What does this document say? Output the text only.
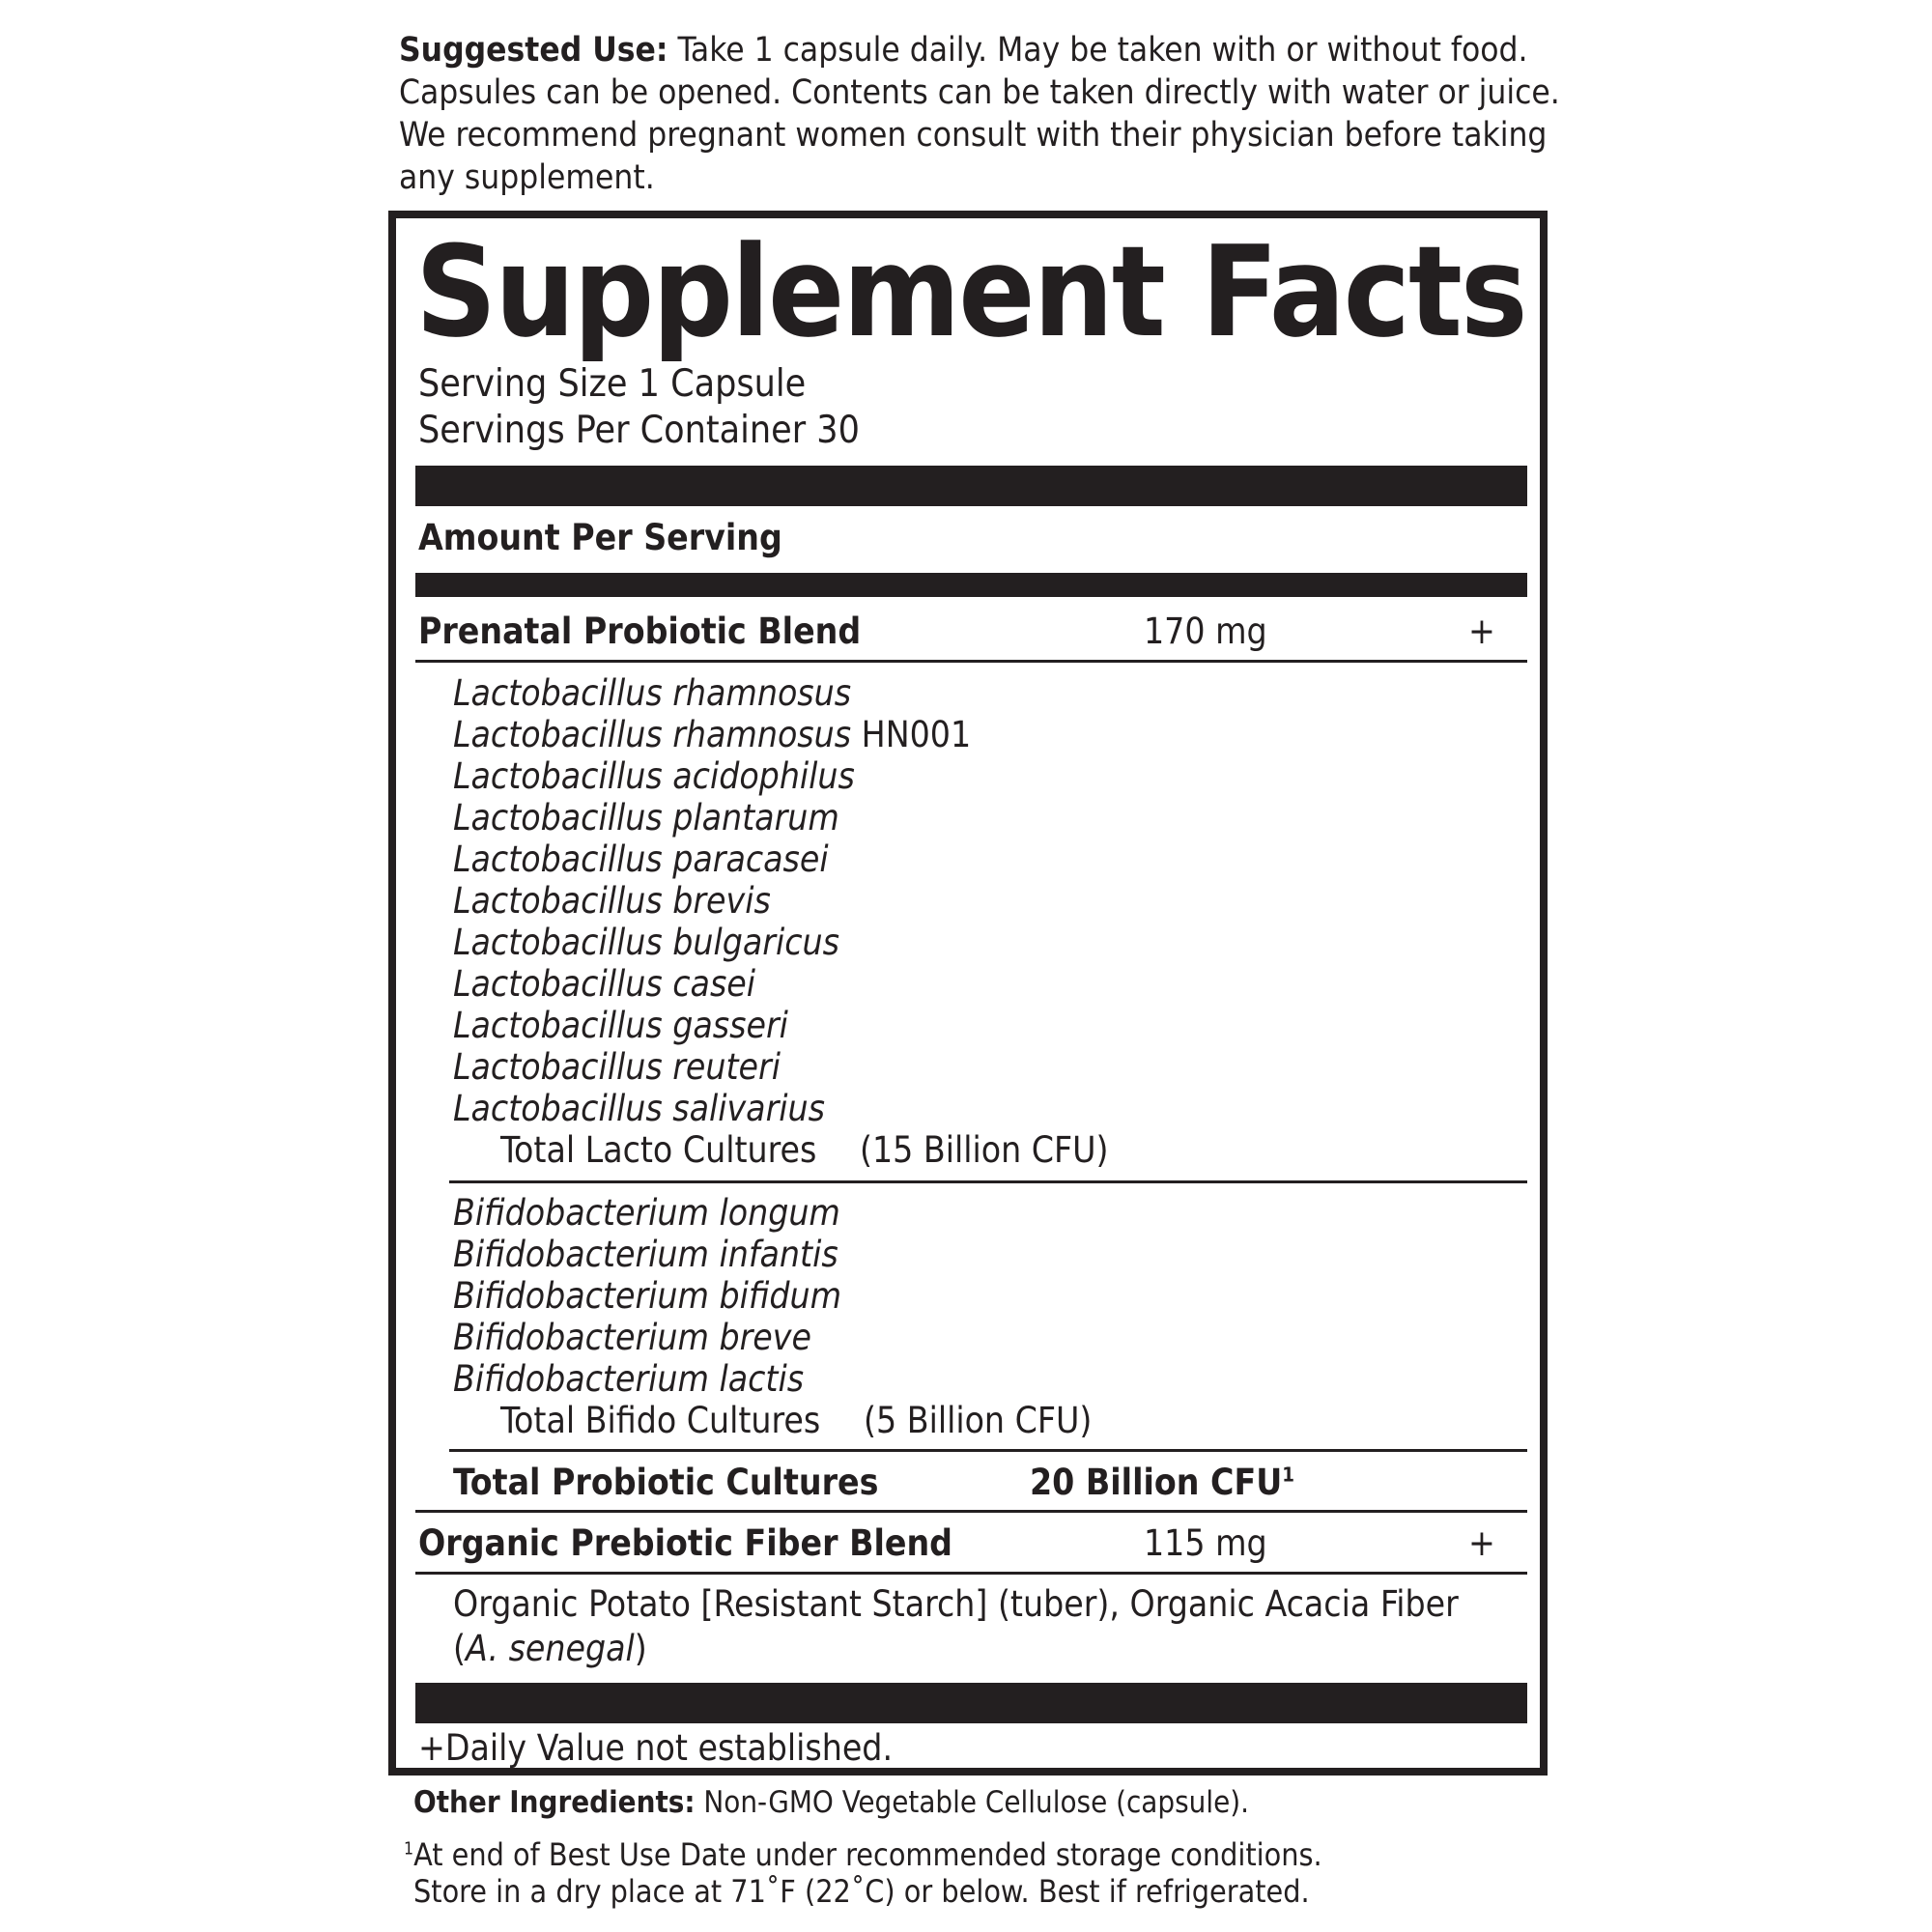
Suggested Use: Take 1 capsule daily. May be taken with or without food.
Capsules can be opened. Contents can be taken directly with water or juice.
We recommend pregnant women consult with their physician before taking
any supplement.
Supplement Facts
Serving Size 1 Capsule
Servings Per Container 30
Amount Per Serving
Prenatal Probiotic Blend	170 mg	+
Lactobacillus rhamnosus
Lactobacillus rhamnosus HN001
Lactobacillus acidophilus
Lactobacillus plantarum
Lactobacillus paracasei
Lactobacillus brevis
Lactobacillus bulgaricus
Lactobacillus casei
Lactobacillus gasseri
Lactobacillus reuteri
Lactobacillus salivarius
Total Lacto Cultures (15 Billion CFU)
Bifidobacterium longum
Bifidobacterium infantis
Bifidobacterium bifidum
Bifidobacterium breve
Bifidobacterium lactis
Total Bifido Cultures (5 Billion CFU)
Total Probiotic Cultures	20 Billion CFU$^1$
Organic Prebiotic Fiber Blend	115 mg	+
Organic Potato [Resistant Starch] (tuber), Organic Acacia Fiber
(A. senegal)
+Daily Value not established.
Other Ingredients: Non-GMO Vegetable Cellulose (capsule).
$^1$At end of Best Use Date under recommended storage conditions.
Store in a dry place at 71˚F (22˚C) or below. Best if refrigerated.
